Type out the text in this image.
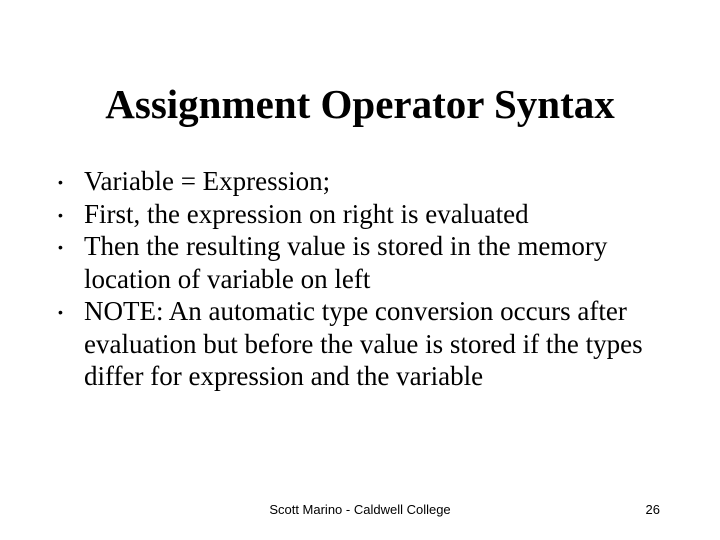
Assignment Operator Syntax
• Variable = Expression;
• First, the expression on right is evaluated
• Then the resulting value is stored in the memory location of variable on left
• NOTE: An automatic type conversion occurs after evaluation but before the value is stored if the types differ for expression and the variable
Scott Marino - Caldwell College	26
